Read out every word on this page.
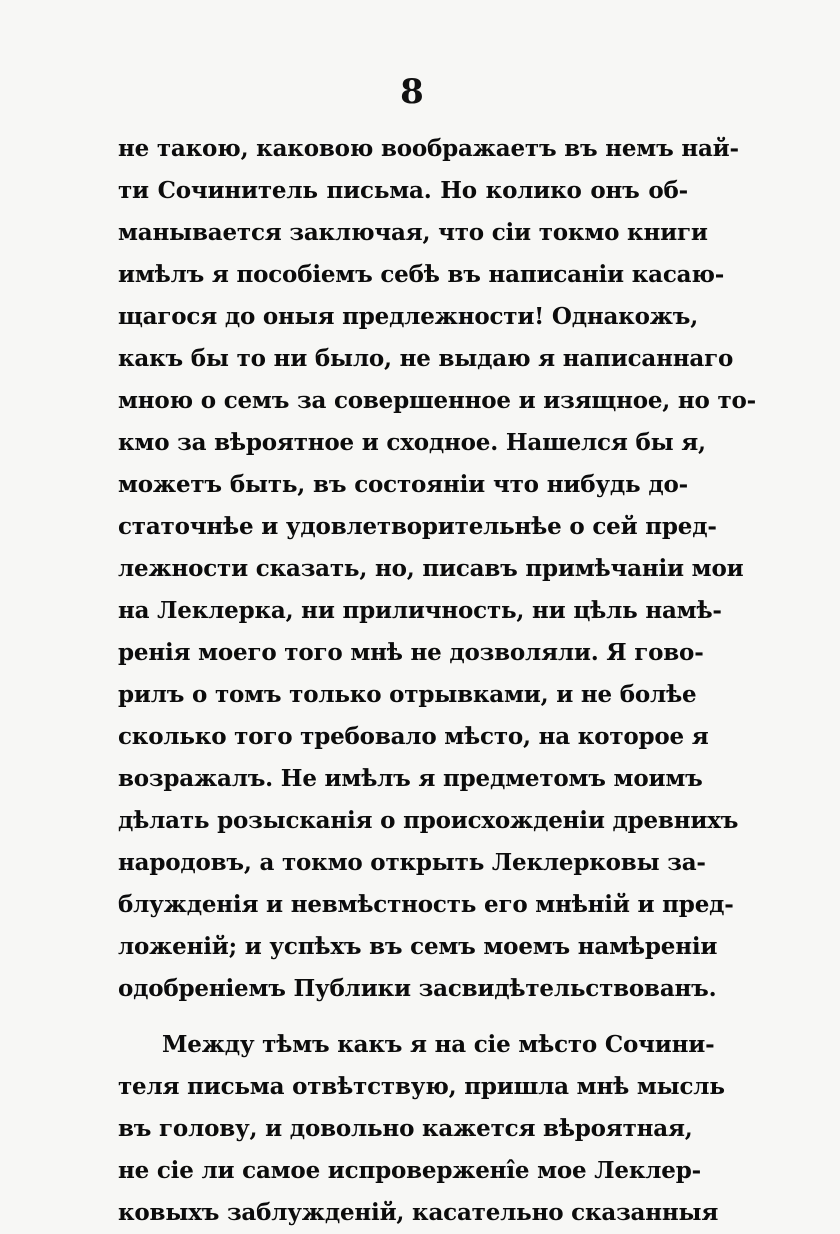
8
не такою, каковою воображаетъ въ немъ най-
ти Сочинитель письма. Но колико онъ об-
манывается заключая, что сіи токмо книги
имѣлъ я пособіемъ себѣ въ написаніи касаю-
щагося до оныя предлежности! Однакожъ,
какъ бы то ни было, не выдаю я написаннаго
мною о семъ за совершенное и изящное, но то-
кмо за вѣроятное и сходное. Нашелся бы я,
можетъ быть, въ состояніи что нибудь до-
статочнѣе и удовлетворительнѣе о сей пред-
лежности сказать, но, писавъ примѣчаніи мои
на Леклерка, ни приличность, ни цѣль намѣ-
ренія моего того мнѣ не дозволяли. Я гово-
рилъ о томъ только отрывками, и не болѣе
сколько того требовало мѣсто, на которое я
возражалъ. Не имѣлъ я предметомъ моимъ
дѣлать розысканія о происхожденіи древнихъ
народовъ, а токмо открыть Леклерковы за-
блужденія и невмѣстность его мнѣній и пред-
ложеній; и успѣхъ въ семъ моемъ намѣреніи
одобреніемъ Публики засвидѣтельствованъ.
Между тѣмъ какъ я на сіе мѣсто Сочини-
теля письма отвѣтствую, пришла мнѣ мысль
въ голову, и довольно кажется вѣроятная,
не сіе ли самое испровержені̂е мое Леклер-
ковыхъ заблужденій, касательно сказанныя
